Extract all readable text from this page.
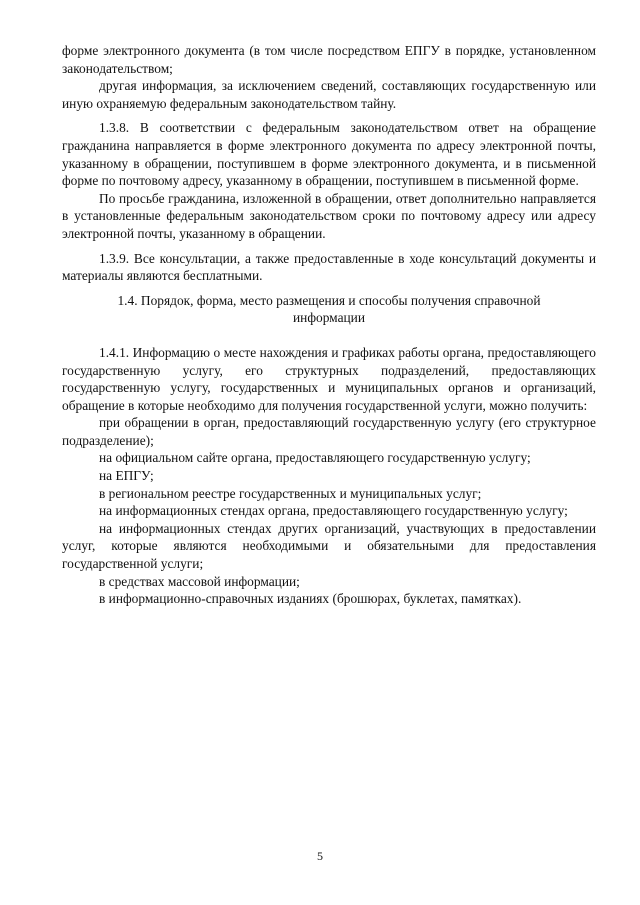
форме электронного документа (в том числе посредством ЕПГУ в порядке, установленном законодательством;

другая информация, за исключением сведений, составляющих государственную или иную охраняемую федеральным законодательством тайну.

1.3.8. В соответствии с федеральным законодательством ответ на обращение гражданина направляется в форме электронного документа по адресу электронной почты, указанному в обращении, поступившем в форме электронного документа, и в письменной форме по почтовому адресу, указанному в обращении, поступившем в письменной форме.

По просьбе гражданина, изложенной в обращении, ответ дополнительно направляется в установленные федеральным законодательством сроки по почтовому адресу или адресу электронной почты, указанному в обращении.

1.3.9. Все консультации, а также предоставленные в ходе консультаций документы и материалы являются бесплатными.

1.4. Порядок, форма, место размещения и способы получения справочной информации

1.4.1. Информацию о месте нахождения и графиках работы органа, предоставляющего государственную услугу, его структурных подразделений, предоставляющих государственную услугу, государственных и муниципальных органов и организаций, обращение в которые необходимо для получения государственной услуги, можно получить:

при обращении в орган, предоставляющий государственную услугу (его структурное подразделение);

на официальном сайте органа, предоставляющего государственную услугу;

на ЕПГУ;

в региональном реестре государственных и муниципальных услуг;

на информационных стендах органа, предоставляющего государственную услугу;

на информационных стендах других организаций, участвующих в предоставлении услуг, которые являются необходимыми и обязательными для предоставления государственной услуги;

в средствах массовой информации;

в информационно-справочных изданиях (брошюрах, буклетах, памятках).

5
